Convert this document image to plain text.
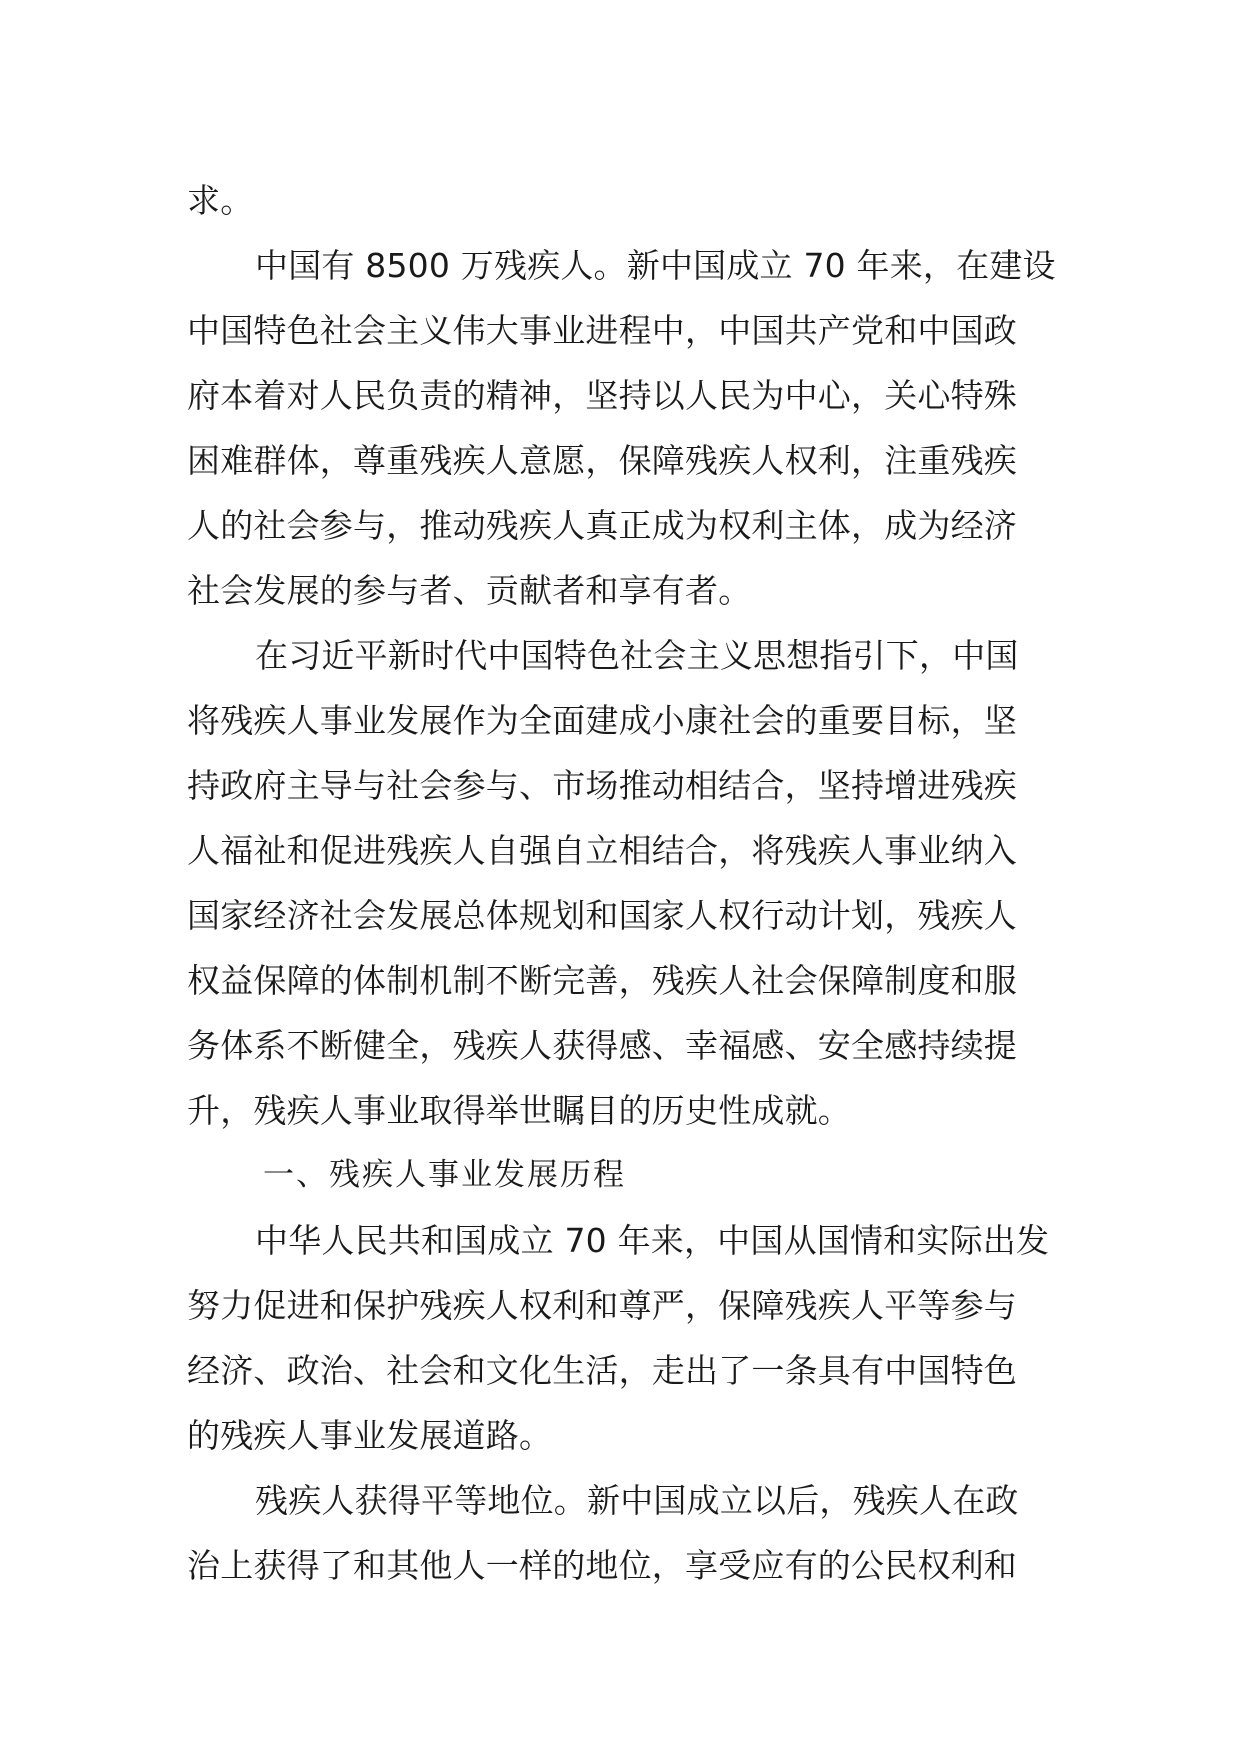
求。
中国有 8500 万残疾人。新中国成立 70 年来，在建设
中国特色社会主义伟大事业进程中，中国共产党和中国政
府本着对人民负责的精神，坚持以人民为中心，关心特殊
困难群体，尊重残疾人意愿，保障残疾人权利，注重残疾
人的社会参与，推动残疾人真正成为权利主体，成为经济
社会发展的参与者、贡献者和享有者。
在习近平新时代中国特色社会主义思想指引下，中国
将残疾人事业发展作为全面建成小康社会的重要目标，坚
持政府主导与社会参与、市场推动相结合，坚持增进残疾
人福祉和促进残疾人自强自立相结合，将残疾人事业纳入
国家经济社会发展总体规划和国家人权行动计划，残疾人
权益保障的体制机制不断完善，残疾人社会保障制度和服
务体系不断健全，残疾人获得感、幸福感、安全感持续提
升，残疾人事业取得举世瞩目的历史性成就。
一、残疾人事业发展历程
中华人民共和国成立 70 年来，中国从国情和实际出发
努力促进和保护残疾人权利和尊严，保障残疾人平等参与
经济、政治、社会和文化生活，走出了一条具有中国特色
的残疾人事业发展道路。
残疾人获得平等地位。新中国成立以后，残疾人在政
治上获得了和其他人一样的地位，享受应有的公民权利和
